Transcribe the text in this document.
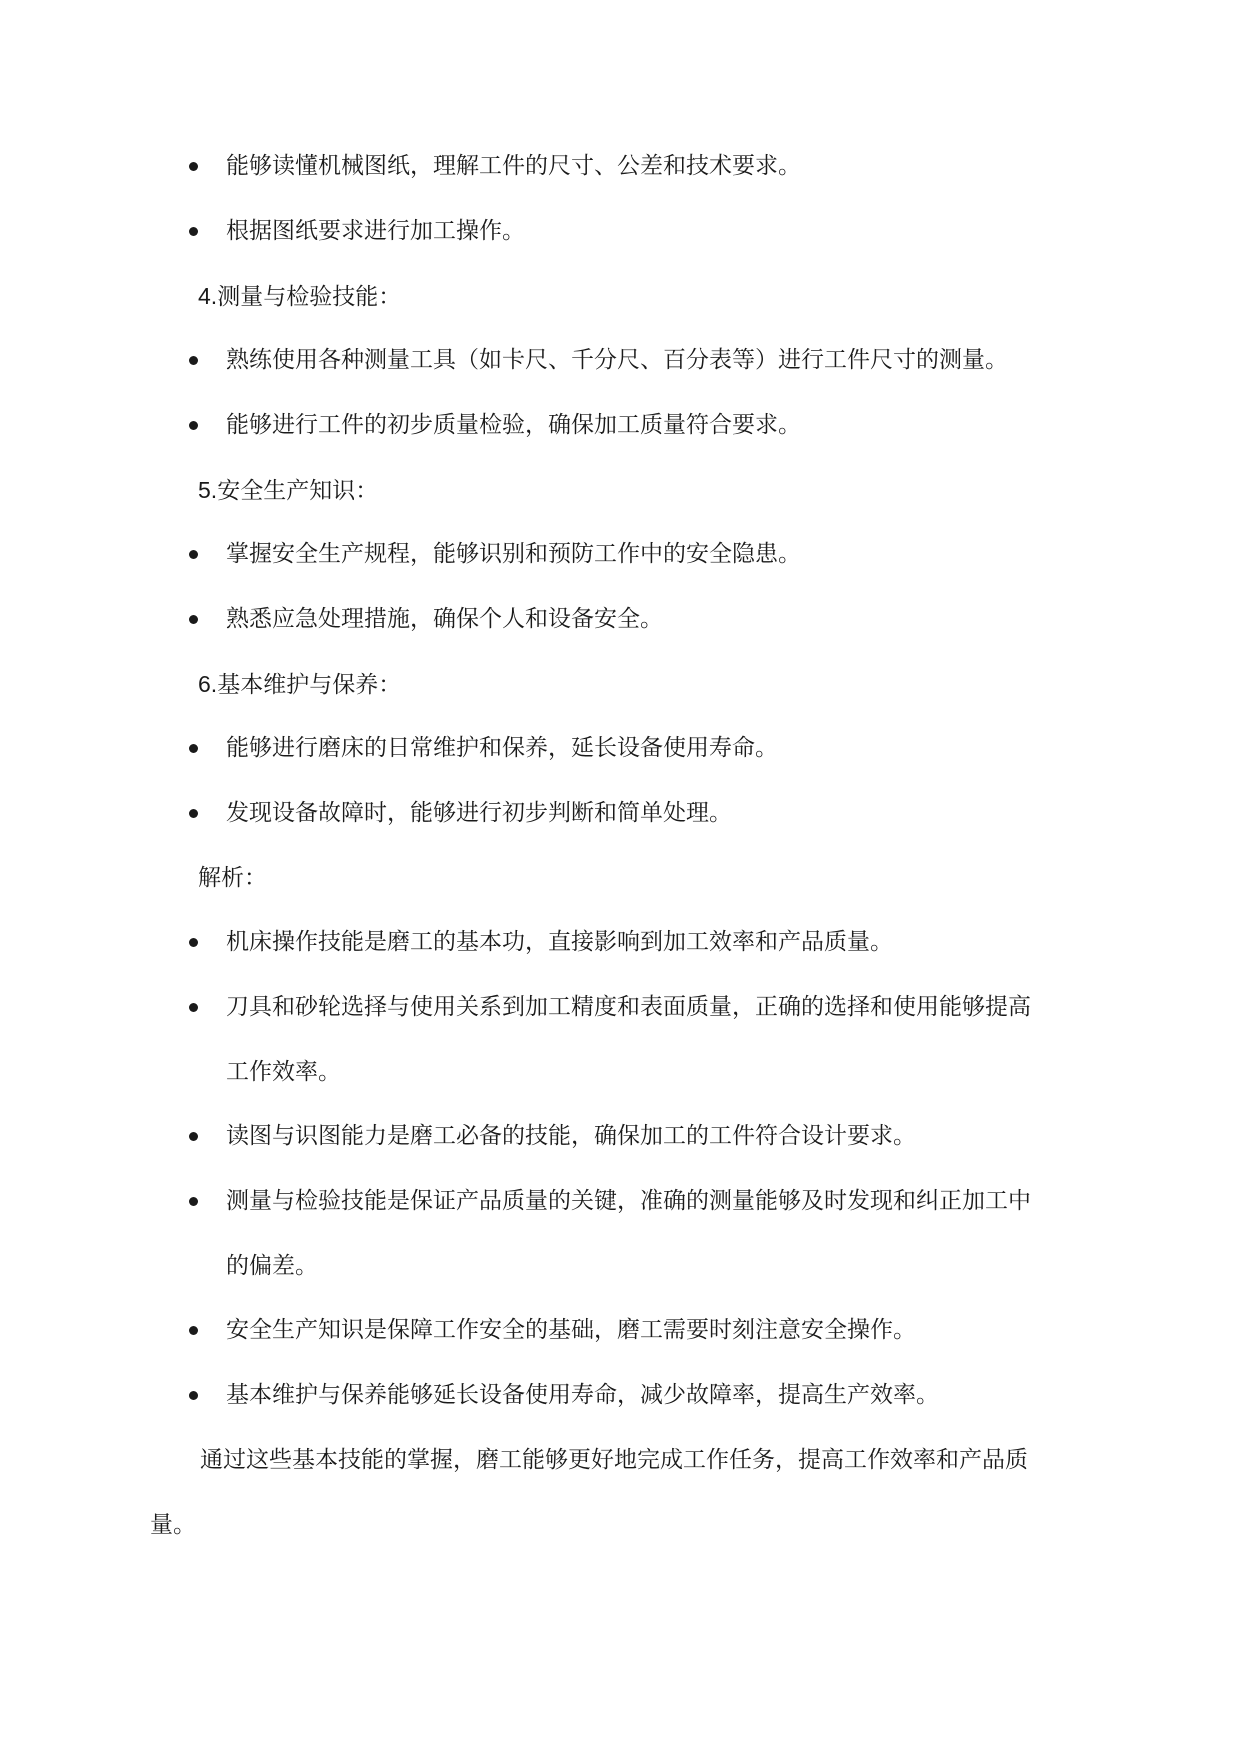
能够读懂机械图纸，理解工件的尺寸、公差和技术要求。
根据图纸要求进行加工操作。
4.测量与检验技能：
熟练使用各种测量工具（如卡尺、千分尺、百分表等）进行工件尺寸的测量。
能够进行工件的初步质量检验，确保加工质量符合要求。
5.安全生产知识：
掌握安全生产规程，能够识别和预防工作中的安全隐患。
熟悉应急处理措施，确保个人和设备安全。
6.基本维护与保养：
能够进行磨床的日常维护和保养，延长设备使用寿命。
发现设备故障时，能够进行初步判断和简单处理。
解析：
机床操作技能是磨工的基本功，直接影响到加工效率和产品质量。
刀具和砂轮选择与使用关系到加工精度和表面质量，正确的选择和使用能够提高
工作效率。
读图与识图能力是磨工必备的技能，确保加工的工件符合设计要求。
测量与检验技能是保证产品质量的关键，准确的测量能够及时发现和纠正加工中
的偏差。
安全生产知识是保障工作安全的基础，磨工需要时刻注意安全操作。
基本维护与保养能够延长设备使用寿命，减少故障率，提高生产效率。
通过这些基本技能的掌握，磨工能够更好地完成工作任务，提高工作效率和产品质
量。
